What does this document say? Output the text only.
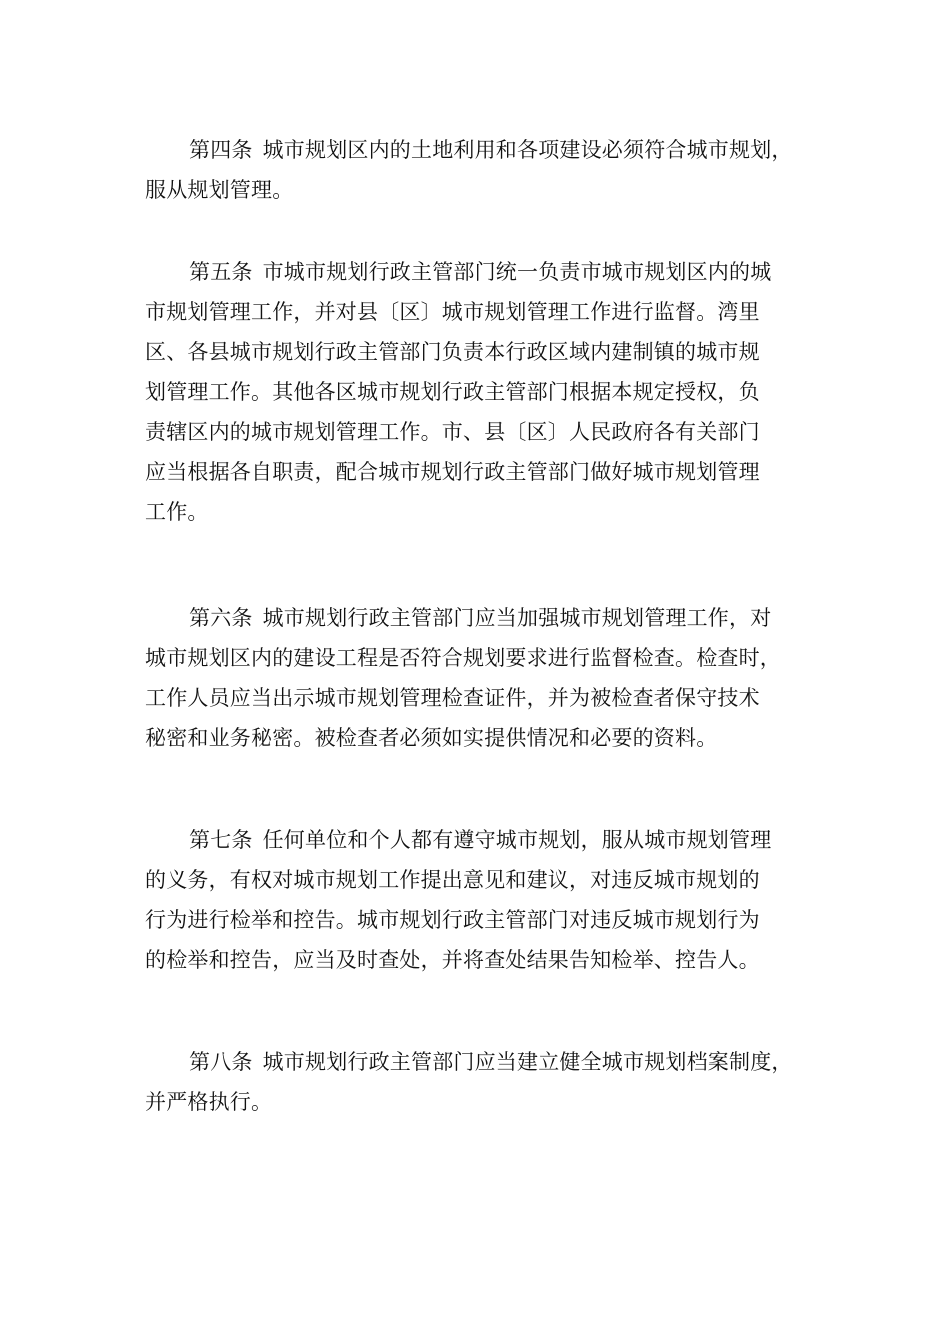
第四条 城市规划区内的土地利用和各项建设必须符合城市规划，
服从规划管理。
第五条 市城市规划行政主管部门统一负责市城市规划区内的城
市规划管理工作，并对县〔区〕城市规划管理工作进行监督。湾里
区、各县城市规划行政主管部门负责本行政区域内建制镇的城市规
划管理工作。其他各区城市规划行政主管部门根据本规定授权，负
责辖区内的城市规划管理工作。市、县〔区〕人民政府各有关部门
应当根据各自职责，配合城市规划行政主管部门做好城市规划管理
工作。
第六条 城市规划行政主管部门应当加强城市规划管理工作，对
城市规划区内的建设工程是否符合规划要求进行监督检查。检查时，
工作人员应当出示城市规划管理检查证件，并为被检查者保守技术
秘密和业务秘密。被检查者必须如实提供情况和必要的资料。
第七条 任何单位和个人都有遵守城市规划，服从城市规划管理
的义务，有权对城市规划工作提出意见和建议，对违反城市规划的
行为进行检举和控告。城市规划行政主管部门对违反城市规划行为
的检举和控告，应当及时查处，并将查处结果告知检举、控告人。
第八条 城市规划行政主管部门应当建立健全城市规划档案制度，
并严格执行。
